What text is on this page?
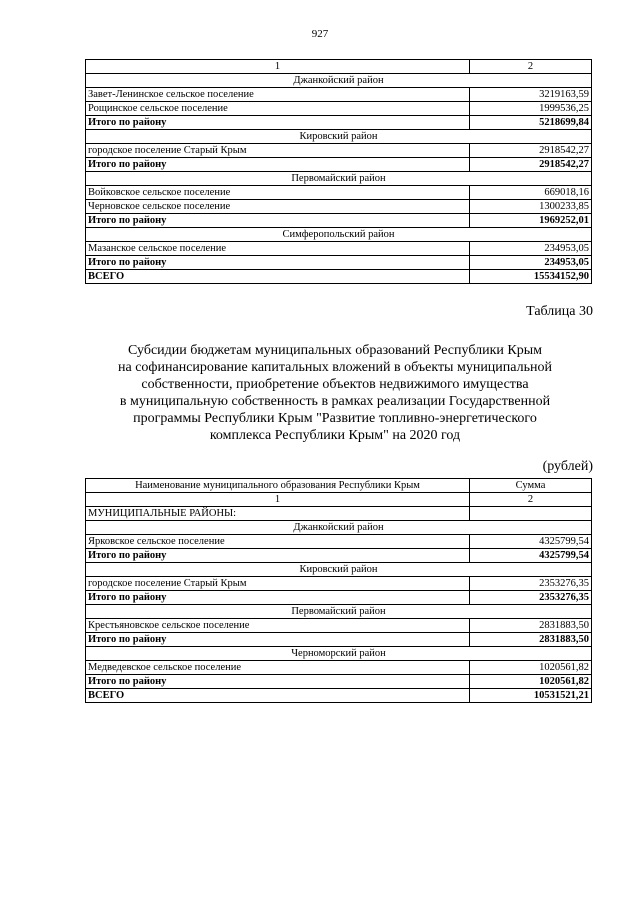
927
1	2
Джанкойский район	
Завет-Ленинское сельское поселение	3219163,59
Рощинское сельское поселение	1999536,25
Итого по району	5218699,84
Кировский район	
городское поселение Старый Крым	2918542,27
Итого по району	2918542,27
Первомайский район	
Войковское сельское поселение	669018,16
Черновское сельское поселение	1300233,85
Итого по району	1969252,01
Симферопольский район	
Мазанское сельское поселение	234953,05
Итого по району	234953,05
ВСЕГО	15534152,90
Таблица 30
Субсидии бюджетам муниципальных образований Республики Крым
на софинансирование капитальных вложений в объекты муниципальной
собственности, приобретение объектов недвижимого имущества
в муниципальную собственность в рамках реализации Государственной
программы Республики Крым "Развитие топливно-энергетического
комплекса Республики Крым" на 2020 год
(рублей)
Наименование муниципального образования Республики Крым	Сумма
1	2
МУНИЦИПАЛЬНЫЕ РАЙОНЫ:	
Джанкойский район	
Ярковское сельское поселение	4325799,54
Итого по району	4325799,54
Кировский район	
городское поселение Старый Крым	2353276,35
Итого по району	2353276,35
Первомайский район	
Крестьяновское сельское поселение	2831883,50
Итого по району	2831883,50
Черноморский район	
Медведевское сельское поселение	1020561,82
Итого по району	1020561,82
ВСЕГО	10531521,21
